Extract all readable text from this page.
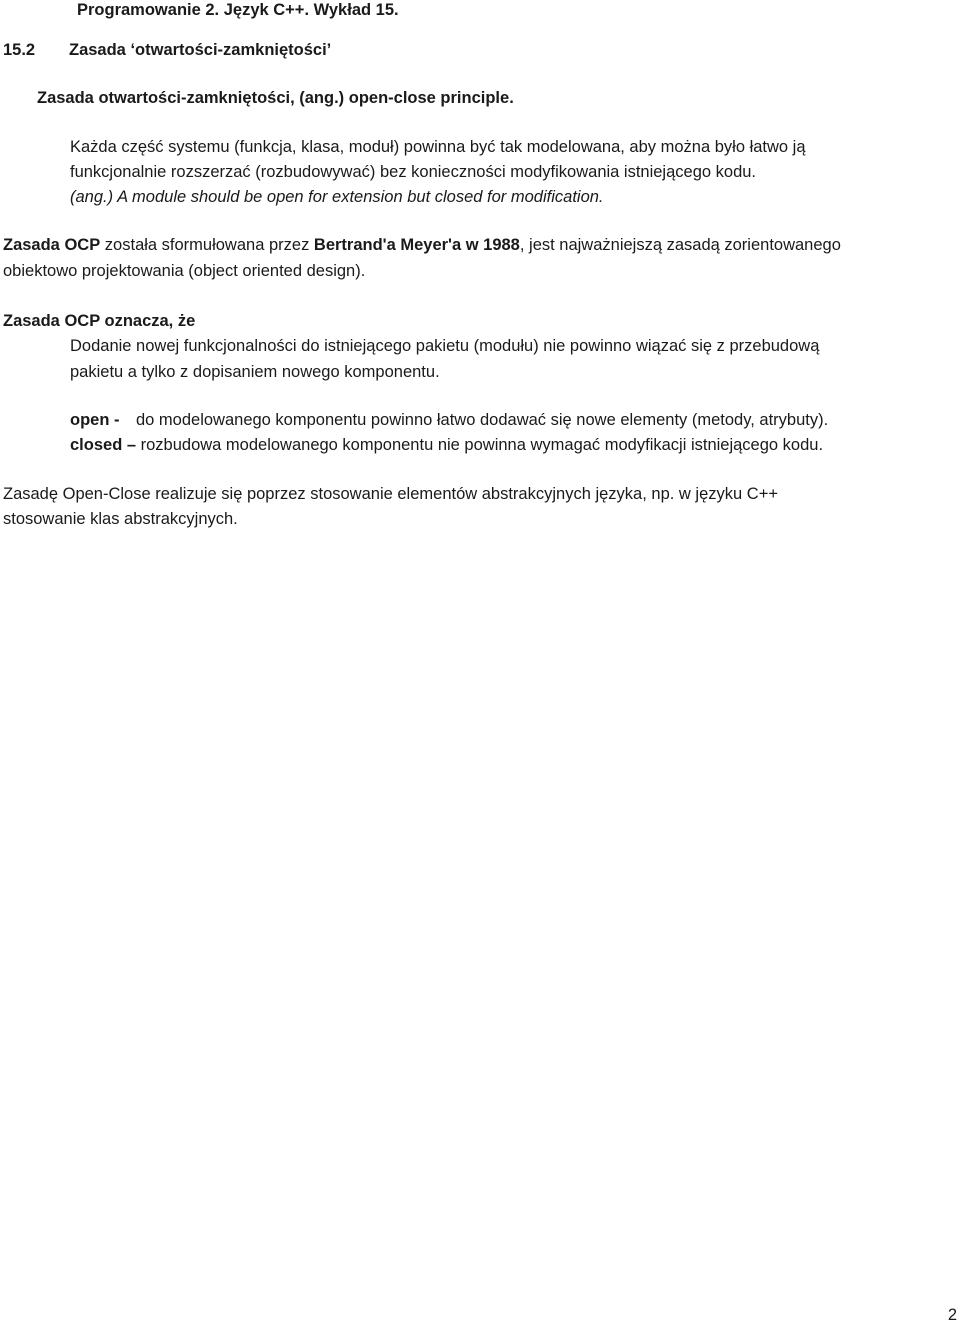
Programowanie 2. Język C++. Wykład 15.
15.2 Zasada ‘otwartości-zamkniętości’
Zasada otwartości-zamkniętości, (ang.) open-close principle.
Każda część systemu (funkcja, klasa, moduł) powinna być tak modelowana, aby można było łatwo ją
funkcjonalnie rozszerzać (rozbudowywać) bez konieczności modyfikowania istniejącego kodu.
(ang.) A module should be open for extension but closed for modification.
Zasada OCP została sformułowana przez Bertrand'a Meyer'a w 1988, jest najważniejszą zasadą zorientowanego
obiektowo projektowania (object oriented design).
Zasada OCP oznacza, że
Dodanie nowej funkcjonalności do istniejącego pakietu (modułu) nie powinno wiązać się z przebudową
pakietu a tylko z dopisaniem nowego komponentu.
open - do modelowanego komponentu powinno łatwo dodawać się nowe elementy (metody, atrybuty).
closed – rozbudowa modelowanego komponentu nie powinna wymagać modyfikacji istniejącego kodu.
Zasadę Open-Close realizuje się poprzez stosowanie elementów abstrakcyjnych języka, np. w języku C++
stosowanie klas abstrakcyjnych.
2
